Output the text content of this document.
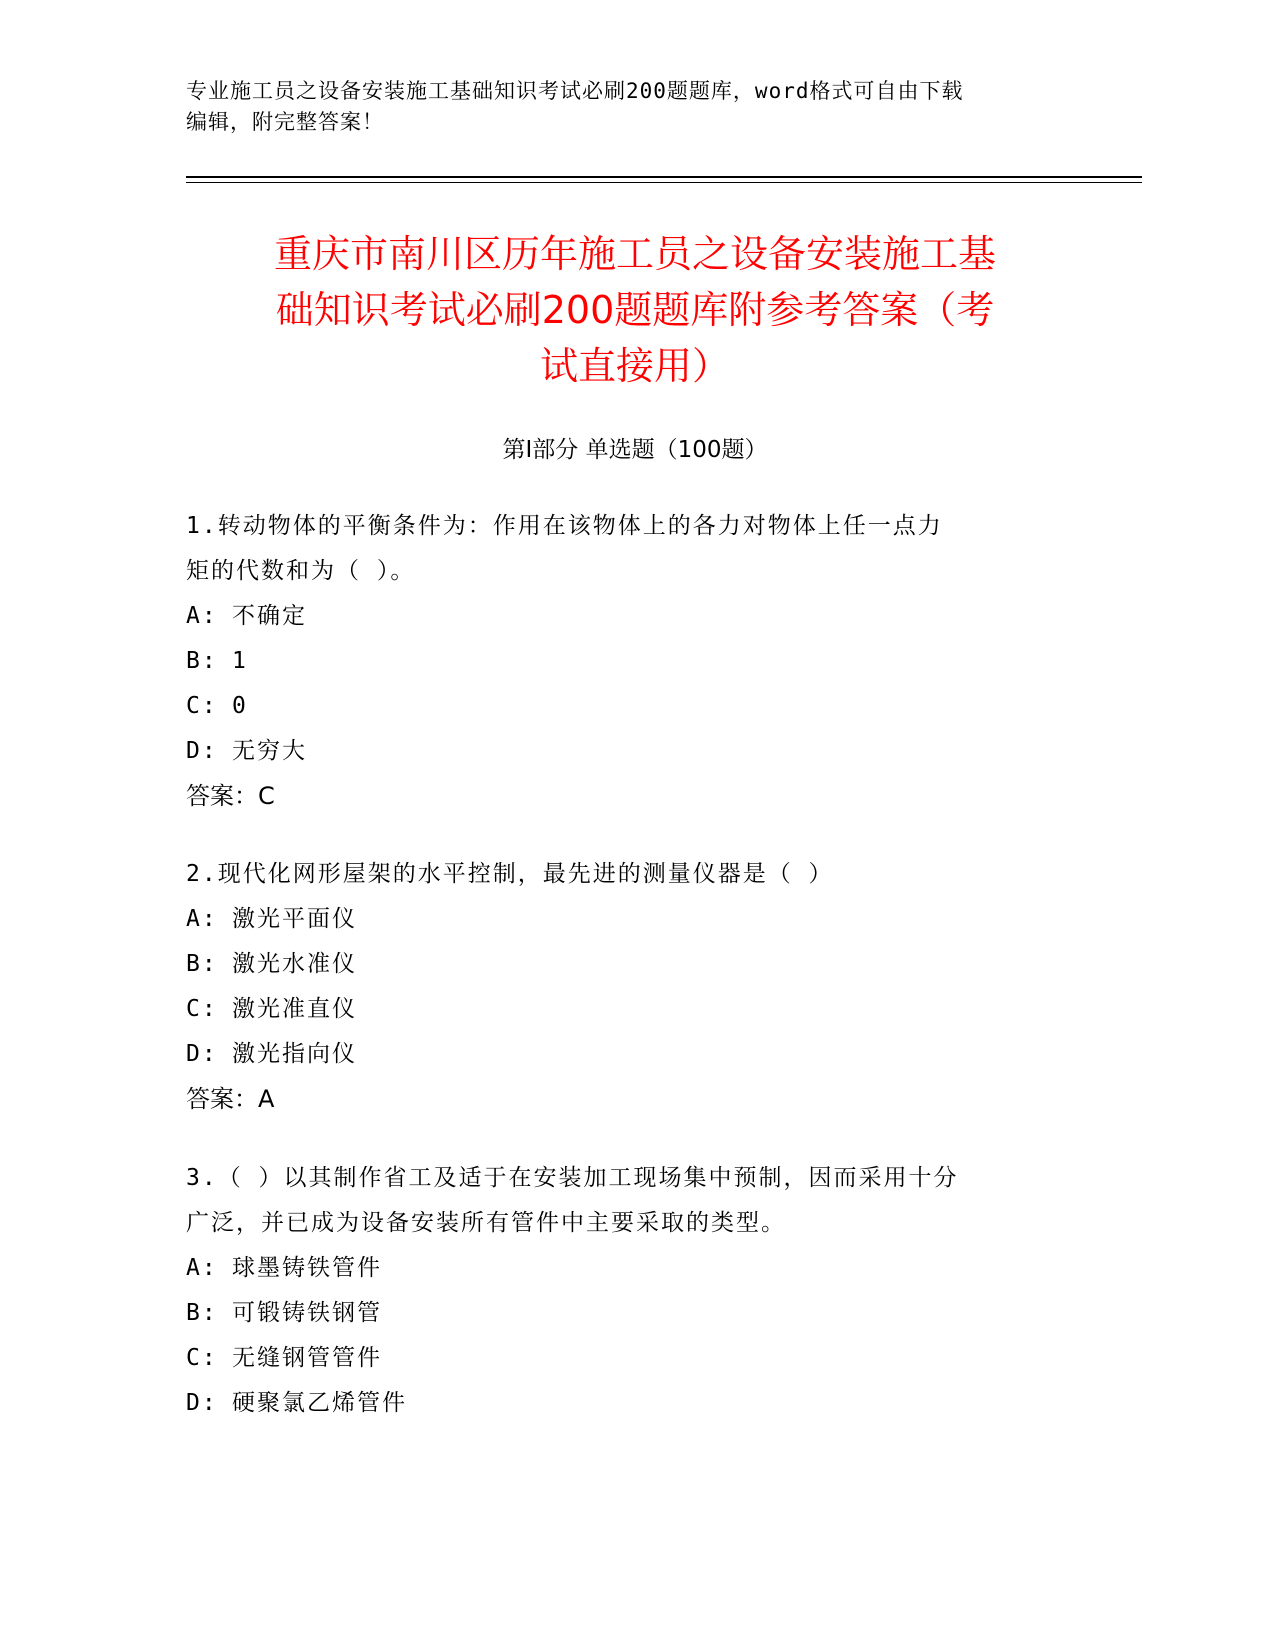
专业施工员之设备安装施工基础知识考试必刷200题题库，word格式可自由下载
编辑，附完整答案！
重庆市南川区历年施工员之设备安装施工基
础知识考试必刷200题题库附参考答案（考
试直接用）
第Ⅰ部分 单选题（100题）
1.转动物体的平衡条件为：作用在该物体上的各力对物体上任一点力
矩的代数和为（ ）。
A: 不确定
B: 1
C: 0
D: 无穷大
答案：C
2.现代化网形屋架的水平控制，最先进的测量仪器是（ ）
A: 激光平面仪
B: 激光水准仪
C: 激光准直仪
D: 激光指向仪
答案：A
3.（ ）以其制作省工及适于在安装加工现场集中预制，因而采用十分
广泛，并已成为设备安装所有管件中主要采取的类型。
A: 球墨铸铁管件
B: 可锻铸铁钢管
C: 无缝钢管管件
D: 硬聚氯乙烯管件
